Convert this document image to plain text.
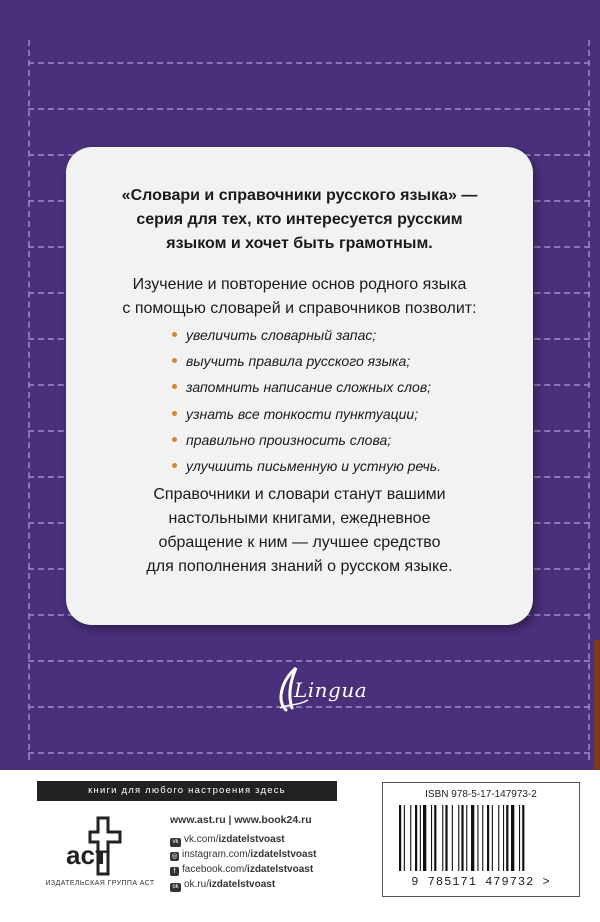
«Словари и справочники русского языка» —
серия для тех, кто интересуется русским
языком и хочет быть грамотным.
Изучение и повторение основ родного языка
с помощью словарей и справочников позволит:
увеличить словарный запас;
выучить правила русского языка;
запомнить написание сложных слов;
узнать все тонкости пунктуации;
правильно произносить слова;
улучшить письменную и устную речь.
Справочники и словари станут вашими
настольными книгами, ежедневное
обращение к ним — лучшее средство
для пополнения знаний о русском языке.
Lingua
книги для любого настроения здесь
аст
ИЗДАТЕЛЬСКАЯ ГРУППА АСТ
www.ast.ru | www.book24.ru
vk vk.com/izdatelstvoast
◎ instagram.com/izdatelstvoast
f facebook.com/izdatelstvoast
ok ok.ru/izdatelstvoast
ISBN 978-5-17-147973-2
9 785171 479732 >
